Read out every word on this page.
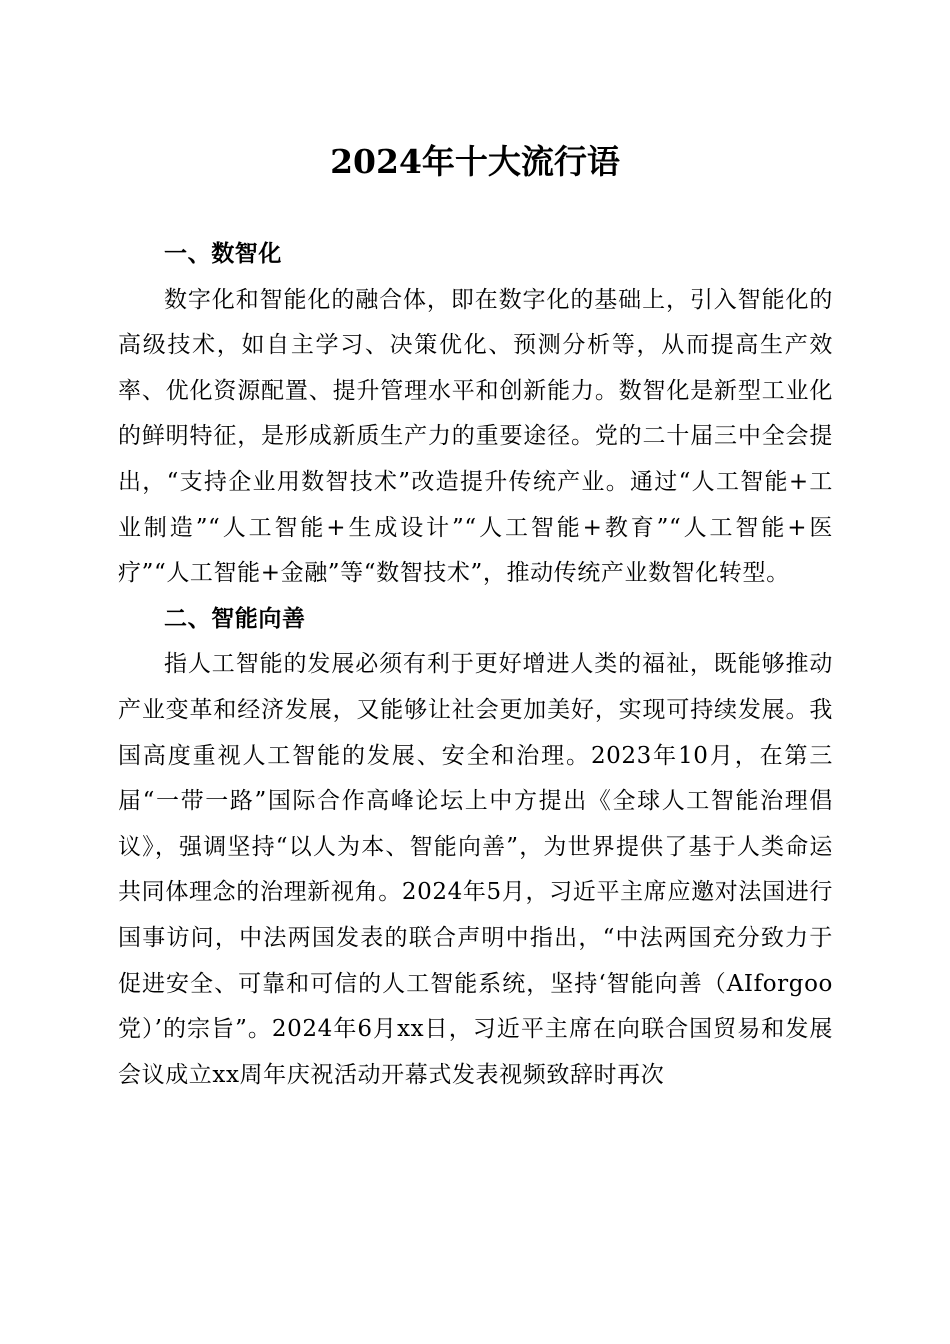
2024年十大流行语

一、数智化

数字化和智能化的融合体，即在数字化的基础上，引入智能化的高级技术，如自主学习、决策优化、预测分析等，从而提高生产效率、优化资源配置、提升管理水平和创新能力。数智化是新型工业化的鲜明特征，是形成新质生产力的重要途径。党的二十届三中全会提出，“支持企业用数智技术”改造提升传统产业。通过“人工智能+工业制造”“人工智能+生成设计”“人工智能+教育”“人工智能+医疗”“人工智能+金融”等“数智技术”，推动传统产业数智化转型。

二、智能向善

指人工智能的发展必须有利于更好增进人类的福祉，既能够推动产业变革和经济发展，又能够让社会更加美好，实现可持续发展。我国高度重视人工智能的发展、安全和治理。2023年10月，在第三届“一带一路”国际合作高峰论坛上中方提出《全球人工智能治理倡议》，强调坚持“以人为本、智能向善”，为世界提供了基于人类命运共同体理念的治理新视角。2024年5月，习近平主席应邀对法国进行国事访问，中法两国发表的联合声明中指出，“中法两国充分致力于促进安全、可靠和可信的人工智能系统，坚持‘智能向善（AIforgoo党）’的宗旨”。2024年6月xx日，习近平主席在向联合国贸易和发展会议成立xx周年庆祝活动开幕式发表视频致辞时再次
